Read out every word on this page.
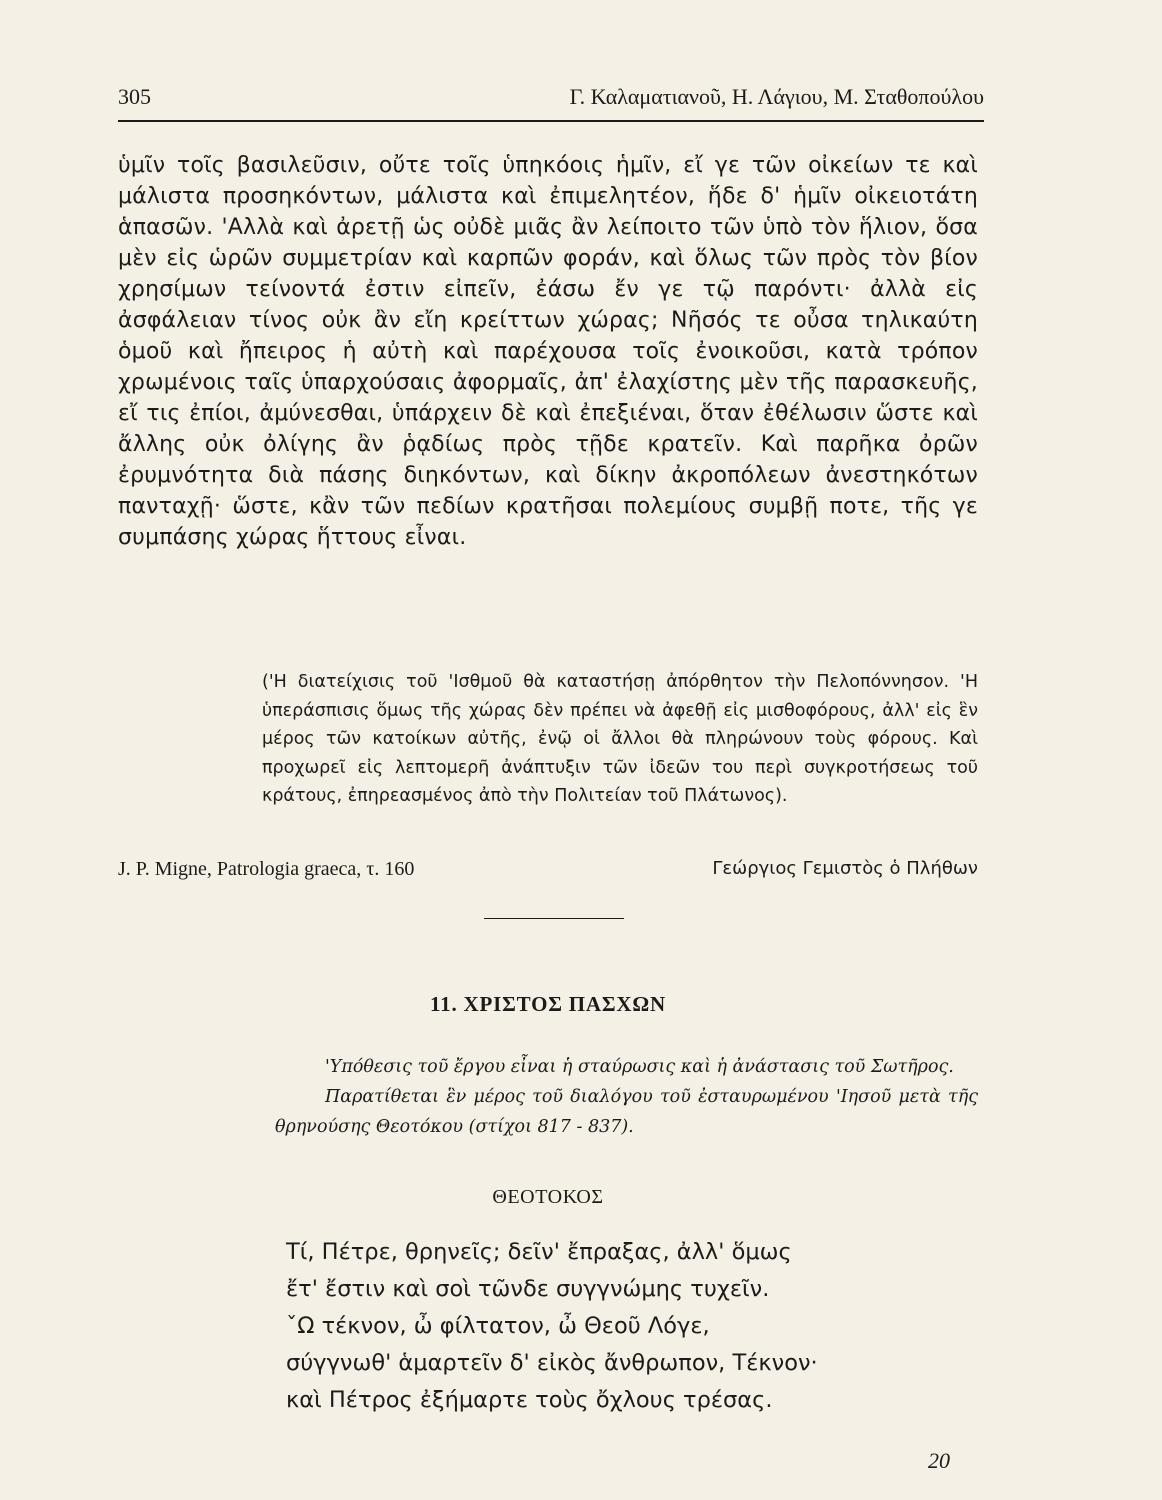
305	Γ. Καλαματιανοῦ, Η. Λάγιου, Μ. Σταθοπούλου

ὑμῖν τοῖς βασιλεῦσιν, οὔτε τοῖς ὑπηκόοις ἡμῖν, εἴ γε τῶν οἰκείων τε καὶ μάλιστα προσηκόντων, μάλιστα καὶ ἐπιμελητέον, ἥδε δ' ἡμῖν οἰκειοτάτη ἁπασῶν. 'Αλλὰ καὶ ἀρετῇ ὡς οὐδὲ μιᾶς ἂν λείποιτο τῶν ὑπὸ τὸν ἥλιον, ὅσα μὲν εἰς ὡρῶν συμμετρίαν καὶ καρπῶν φοράν, καὶ ὅλως τῶν πρὸς τὸν βίον χρησίμων τείνοντά ἐστιν εἰπεῖν, ἐάσω ἔν γε τῷ παρόντι· ἀλλὰ εἰς ἀσφάλειαν τίνος οὐκ ἂν εἴη κρείττων χώρας; Νῆσός τε οὖσα τηλικαύτη ὁμοῦ καὶ ἤπειρος ἡ αὐτὴ καὶ παρέχουσα τοῖς ἐνοικοῦσι, κατὰ τρόπον χρωμένοις ταῖς ὑπαρχούσαις ἀφορμαῖς, ἀπ' ἐλαχίστης μὲν τῆς παρασκευῆς, εἴ τις ἐπίοι, ἀμύνεσθαι, ὑπάρχειν δὲ καὶ ἐπεξιέναι, ὅταν ἐθέλωσιν ὥστε καὶ ἄλλης οὐκ ὀλίγης ἂν ῥᾳδίως πρὸς τῇδε κρατεῖν. Καὶ παρῆκα ὀρῶν ἐρυμνότητα διὰ πάσης διηκόντων, καὶ δίκην ἀκροπόλεων ἀνεστηκότων πανταχῇ· ὥστε, κἂν τῶν πεδίων κρατῆσαι πολεμίους συμβῇ ποτε, τῆς γε συμπάσης χώρας ἥττους εἶναι.

('Η διατείχισις τοῦ 'Ισθμοῦ θὰ καταστήσῃ ἀπόρθητον τὴν Πελοπόννησον. 'Η ὑπεράσπισις ὅμως τῆς χώρας δὲν πρέπει νὰ ἀφεθῇ εἰς μισθοφόρους, ἀλλ' εἰς ἓν μέρος τῶν κατοίκων αὐτῆς, ἐνῷ οἱ ἄλλοι θὰ πληρώνουν τοὺς φόρους. Καὶ προχωρεῖ εἰς λεπτομερῆ ἀνάπτυξιν τῶν ἰδεῶν του περὶ συγκροτήσεως τοῦ κράτους, ἐπηρεασμένος ἀπὸ τὴν Πολιτείαν τοῦ Πλάτωνος).

J. P. Migne, Patrologia graeca, τ. 160	Γεώργιος Γεμιστὸς ὁ Πλήθων
11. ΧΡΙΣΤΟΣ ΠΑΣΧΩΝ

'Υπόθεσις τοῦ ἔργου εἶναι ἡ σταύρωσις καὶ ἡ ἀνάστασις τοῦ Σωτῆρος.

Παρατίθεται ἓν μέρος τοῦ διαλόγου τοῦ ἐσταυρωμένου 'Ιησοῦ μετὰ τῆς θρηνούσης Θεοτόκου (στίχοι 817 - 837).

ΘΕΟΤΟΚΟΣ
Τί, Πέτρε, θρηνεῖς; δεῖν' ἔπραξας, ἀλλ' ὅμως
ἔτ' ἔστιν καὶ σοὶ τῶνδε συγγνώμης τυχεῖν.
ˇΩ τέκνον, ὦ φίλτατον, ὦ Θεοῦ Λόγε,
σύγγνωθ' ἁμαρτεῖν δ' εἰκὸς ἄνθρωπον, Τέκνον·
καὶ Πέτρος ἐξήμαρτε τοὺς ὄχλους τρέσας.
20
